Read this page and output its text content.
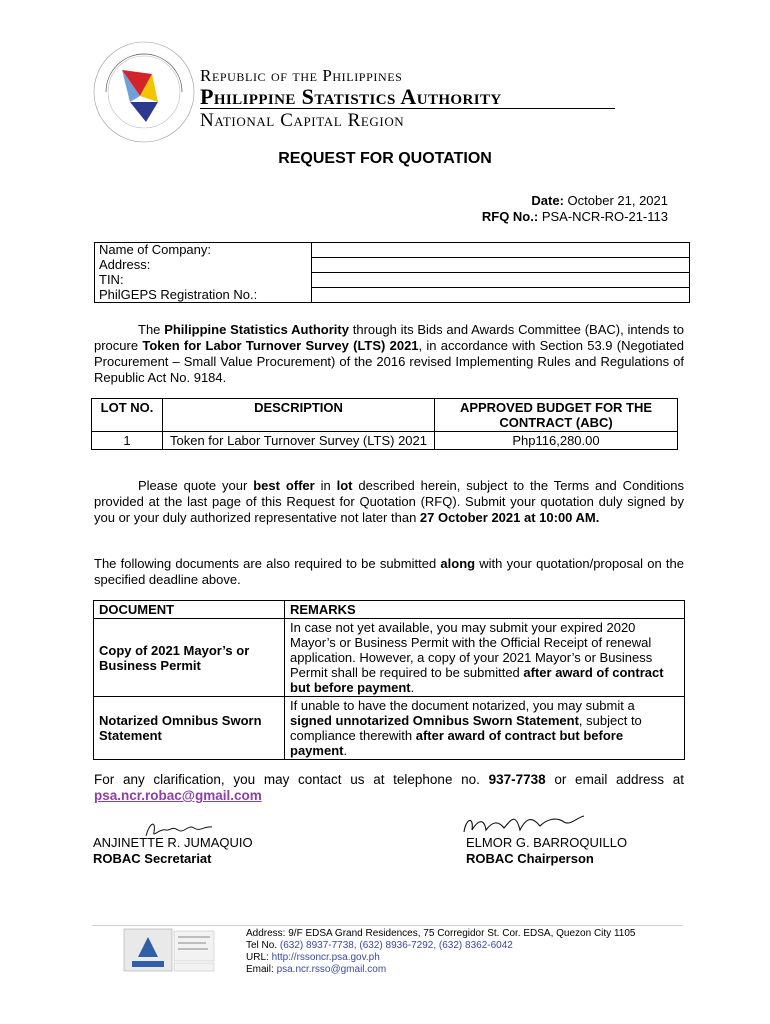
Republic of the Philippines
Philippine Statistics Authority
National Capital Region
REQUEST FOR QUOTATION
Date: October 21, 2021
RFQ No.: PSA-NCR-RO-21-113
Name of Company:	
Address:	
TIN:	
PhilGEPS Registration No.:	
The Philippine Statistics Authority through its Bids and Awards Committee (BAC), intends to procure Token for Labor Turnover Survey (LTS) 2021, in accordance with Section 53.9 (Negotiated Procurement – Small Value Procurement) of the 2016 revised Implementing Rules and Regulations of Republic Act No. 9184.
LOT NO.	DESCRIPTION	APPROVED BUDGET FOR THE CONTRACT (ABC)
1	Token for Labor Turnover Survey (LTS) 2021	Php116,280.00
Please quote your best offer in lot described herein, subject to the Terms and Conditions provided at the last page of this Request for Quotation (RFQ). Submit your quotation duly signed by you or your duly authorized representative not later than 27 October 2021 at 10:00 AM.
The following documents are also required to be submitted along with your quotation/proposal on the specified deadline above.
DOCUMENT	REMARKS
Copy of 2021 Mayor’s or Business Permit	In case not yet available, you may submit your expired 2020 Mayor’s or Business Permit with the Official Receipt of renewal application. However, a copy of your 2021 Mayor’s or Business Permit shall be required to be submitted after award of contract but before payment.
Notarized Omnibus Sworn Statement	If unable to have the document notarized, you may submit a signed unnotarized Omnibus Sworn Statement, subject to compliance therewith after award of contract but before payment.
For any clarification, you may contact us at telephone no. 937-7738 or email address at psa.ncr.robac@gmail.com
ANJINETTE R. JUMAQUIO
ROBAC Secretariat
ELMOR G. BARROQUILLO
ROBAC Chairperson
Address: 9/F EDSA Grand Residences, 75 Corregidor St. Cor. EDSA, Quezon City 1105
Tel No. (632) 8937-7738, (632) 8936-7292, (632) 8362-6042
URL: http://rssoncr.psa.gov.ph
Email: psa.ncr.rsso@gmail.com
